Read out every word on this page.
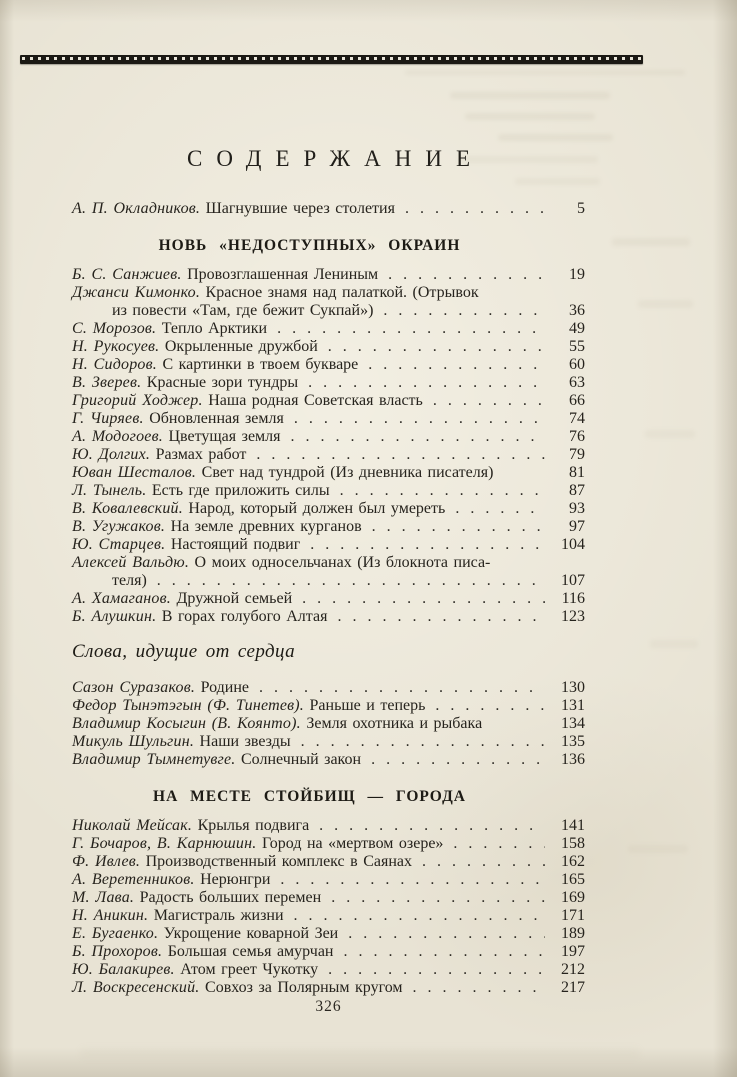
СОДЕРЖАНИЕ
А. П. Окладников. Шагнувшие через столетия .....	5
НОВЬ «НЕДОСТУПНЫХ» ОКРАИН
Б. С. Санжиев. Провозглашенная Лениным .....	19
Джанси Кимонко. Красное знамя над палаткой. (Отрывок
из повести «Там, где бежит Сукпай») .....	36
С. Морозов. Тепло Арктики .....	49
Н. Рукосуев. Окрыленные дружбой .....	55
Н. Сидоров. С картинки в твоем букваре .....	60
В. Зверев. Красные зори тундры .....	63
Григорий Ходжер. Наша родная Советская власть .....	66
Г. Чиряев. Обновленная земля .....	74
А. Модогоев. Цветущая земля .....	76
Ю. Долгих. Размах работ .....	79
Юван Шесталов. Свет над тундрой (Из дневника писателя)	81
Л. Тынель. Есть где приложить силы .....	87
В. Ковалевский. Народ, который должен был умереть .....	93
В. Угужаков. На земле древних курганов .....	97
Ю. Старцев. Настоящий подвиг .....	104
Алексей Вальдю. О моих односельчанах (Из блокнота писа-
теля) .....	107
А. Хамаганов. Дружной семьей .....	116
Б. Алушкин. В горах голубого Алтая .....	123
Слова, идущие от сердца
Сазон Суразаков. Родине .....	130
Федор Тынэтэгын (Ф. Тинетев). Раньше и теперь .....	131
Владимир Косыгин (В. Коянто). Земля охотника и рыбака	134
Микуль Шульгин. Наши звезды .....	135
Владимир Тымнетувге. Солнечный закон .....	136
НА МЕСТЕ СТОЙБИЩ — ГОРОДА
Николай Мейсак. Крылья подвига .....	141
Г. Бочаров, В. Карнюшин. Город на «мертвом озере» .....	158
Ф. Ивлев. Производственный комплекс в Саянах .....	162
А. Веретенников. Нерюнгри .....	165
М. Лава. Радость больших перемен .....	169
Н. Аникин. Магистраль жизни .....	171
Е. Бугаенко. Укрощение коварной Зеи .....	189
Б. Прохоров. Большая семья амурчан .....	197
Ю. Балакирев. Атом греет Чукотку .....	212
Л. Воскресенский. Совхоз за Полярным кругом .....	217
326
